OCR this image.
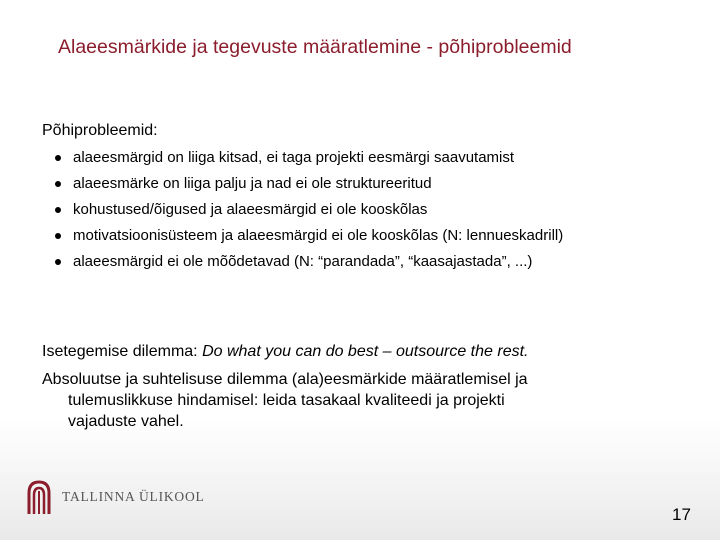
Alaeesmärkide ja tegevuste määratlemine - põhiprobleemid
Põhiprobleemid:
alaeesmärgid on liiga kitsad, ei taga projekti eesmärgi saavutamist
alaeesmärke on liiga palju ja nad ei ole struktureeritud
kohustused/õigused ja alaeesmärgid ei ole kooskõlas
motivatsioonisüsteem ja alaeesmärgid ei ole kooskõlas (N: lennueskadrill)
alaeesmärgid ei ole mõõdetavad (N: “parandada”, “kaasajastada”, ...)
Isetegemise dilemma: Do what you can do best – outsource the rest.
Absoluutse ja suhtelisuse dilemma (ala)eesmärkide määratlemisel ja
tulemuslikkuse hindamisel: leida tasakaal kvaliteedi ja projekti
vajaduste vahel.
TALLINNA ÜLIKOOL
17
